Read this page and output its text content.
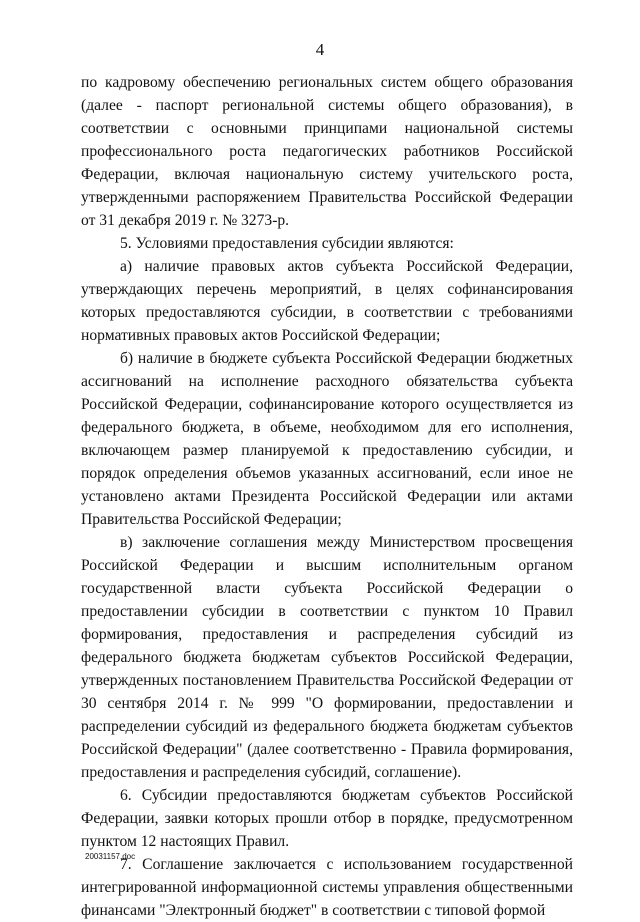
4

по кадровому обеспечению региональных систем общего образования (далее - паспорт региональной системы общего образования), в соответствии с основными принципами национальной системы профессионального роста педагогических работников Российской Федерации, включая национальную систему учительского роста, утвержденными распоряжением Правительства Российской Федерации от 31 декабря 2019 г. № 3273-р.

5. Условиями предоставления субсидии являются:

а) наличие правовых актов субъекта Российской Федерации, утверждающих перечень мероприятий, в целях софинансирования которых предоставляются субсидии, в соответствии с требованиями нормативных правовых актов Российской Федерации;

б) наличие в бюджете субъекта Российской Федерации бюджетных ассигнований на исполнение расходного обязательства субъекта Российской Федерации, софинансирование которого осуществляется из федерального бюджета, в объеме, необходимом для его исполнения, включающем размер планируемой к предоставлению субсидии, и порядок определения объемов указанных ассигнований, если иное не установлено актами Президента Российской Федерации или актами Правительства Российской Федерации;

в) заключение соглашения между Министерством просвещения Российской Федерации и высшим исполнительным органом государственной власти субъекта Российской Федерации о предоставлении субсидии в соответствии с пунктом 10 Правил формирования, предоставления и распределения субсидий из федерального бюджета бюджетам субъектов Российской Федерации, утвержденных постановлением Правительства Российской Федерации от 30 сентября 2014 г. № 999 "О формировании, предоставлении и распределении субсидий из федерального бюджета бюджетам субъектов Российской Федерации" (далее соответственно - Правила формирования, предоставления и распределения субсидий, соглашение).

6. Субсидии предоставляются бюджетам субъектов Российской Федерации, заявки которых прошли отбор в порядке, предусмотренном пунктом 12 настоящих Правил.

7. Соглашение заключается с использованием государственной интегрированной информационной системы управления общественными финансами "Электронный бюджет" в соответствии с типовой формой

20031157.doc
